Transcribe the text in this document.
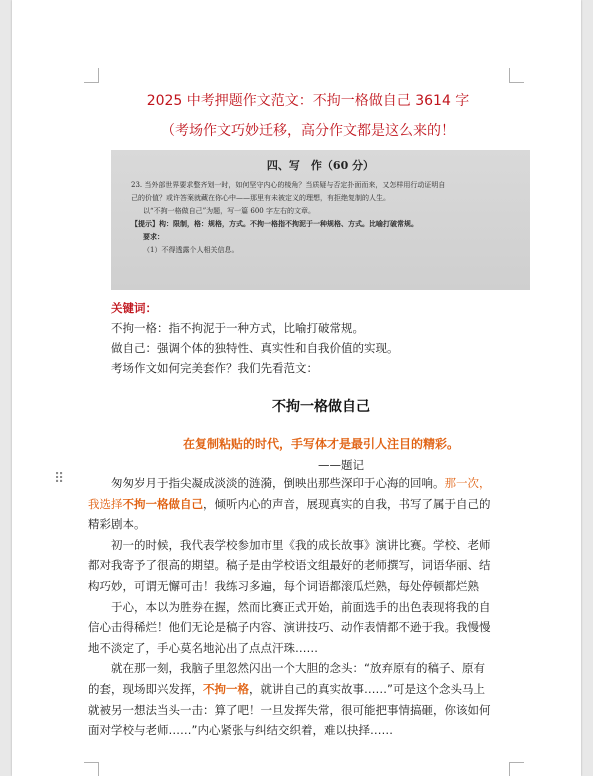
2025 中考押题作文范文：不拘一格做自己 3614 字
（考场作文巧妙迁移，高分作文都是这么来的！
四、写　作（60 分）
23. 当外部世界要求整齐划一时，如何坚守内心的棱角？当质疑与否定扑面而来，又怎样用行动证明自
己的价值？或许答案就藏在你心中——那里有未被定义的理想，有拒绝复制的人生。
以“不拘一格做自己”为题，写一篇 600 字左右的文章。
【提示】构：限制，格：规格，方式。不拘一格指不拘泥于一种规格、方式。比喻打破常规。
要求：
（1）不得透露个人相关信息。
关键词：
不拘一格：指不拘泥于一种方式，比喻打破常规。
做自己：强调个体的独特性、真实性和自我价值的实现。
考场作文如何完美套作？我们先看范文：
不拘一格做自己
在复制粘贴的时代，手写体才是最引人注目的精彩。
——题记
⠿	匆匆岁月于指尖凝成淡淡的涟漪，倒映出那些深印于心海的回响。那一次，
我选择不拘一格做自己，倾听内心的声音，展现真实的自我，书写了属于自己的
精彩剧本。
初一的时候，我代表学校参加市里《我的成长故事》演讲比赛。学校、老师
都对我寄予了很高的期望。稿子是由学校语文组最好的老师撰写，词语华丽、结
构巧妙，可谓无懈可击！我练习多遍，每个词语都滚瓜烂熟，每处停顿都烂熟
于心，本以为胜券在握，然而比赛正式开始，前面选手的出色表现将我的自
信心击得稀烂！他们无论是稿子内容、演讲技巧、动作表情都不逊于我。我慢慢
地不淡定了，手心莫名地沁出了点点汗珠……
就在那一刻，我脑子里忽然闪出一个大胆的念头：“放弃原有的稿子、原有
的套，现场即兴发挥，不拘一格，就讲自己的真实故事……”可是这个念头马上
就被另一想法当头一击：算了吧！一旦发挥失常，很可能把事情搞砸，你该如何
面对学校与老师……”内心紧张与纠结交织着，难以抉择……
